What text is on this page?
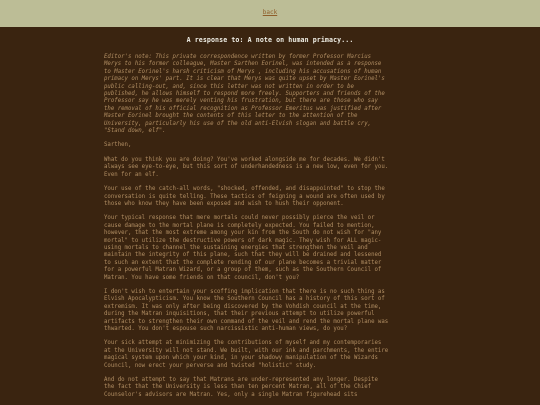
back
A response to: A note on human primacy...

Editor's note: This private correspondence written by former Professor Marcius
Merys to his former colleague, Master Sarthen Eorinel, was intended as a response
to Master Eorinel's harsh criticism of Merys , including his accusations of human
primacy on Merys' part. It is clear that Merys was quite upset by Master Eorinel's
public calling-out, and, since this letter was not written in order to be
published, he allows himself to respond more freely. Supporters and friends of the
Professor say he was merely venting his frustration, but there are those who say
the removal of his official recognition as Professor Emeritus was justified after
Master Eorinel brought the contents of this letter to the attention of the
University, particularly his use of the old anti-Elvish slogan and battle cry,
"Stand down, elf".

Sarthen,

What do you think you are doing? You've worked alongside me for decades. We didn't
always see eye-to-eye, but this sort of underhandedness is a new low, even for you.
Even for an elf.

Your use of the catch-all words, "shocked, offended, and disappointed" to stop the
conversation is quite telling. These tactics of feigning a wound are often used by
those who know they have been exposed and wish to hush their opponent.

Your typical response that mere mortals could never possibly pierce the veil or
cause damage to the mortal plane is completely expected. You failed to mention,
however, that the most extreme among your kin from the South do not wish for "any
mortal" to utilize the destructive powers of dark magic. They wish for ALL magic-
using mortals to channel the sustaining energies that strengthen the veil and
maintain the integrity of this plane, such that they will be drained and lessened
to such an extent that the complete rending of our plane becomes a trivial matter
for a powerful Matran Wizard, or a group of them, such as the Southern Council of
Matran. You have some friends on that council, don't you?

I don't wish to entertain your scoffing implication that there is no such thing as
Elvish Apocalypticism. You know the Southern Council has a history of this sort of
extremism. It was only after being discovered by the Vohdish council at the time,
during the Matran inquisitions, that their previous attempt to utilize powerful
artifacts to strengthen their own command of the veil and rend the mortal plane was
thwarted. You don't espouse such narcissistic anti-human views, do you?

Your sick attempt at minimizing the contributions of myself and my contemporaries
at the University will not stand. We built, with our ink and parchments, the entire
magical system upon which your kind, in your shadowy manipulation of the Wizards
Council, now erect your perverse and twisted "holistic" study.

And do not attempt to say that Matrans are under-represented any longer. Despite
the fact that the University is less than ten percent Matran, all of the Chief
Counselor's advisors are Matran. Yes, only a single Matran figurehead sits
